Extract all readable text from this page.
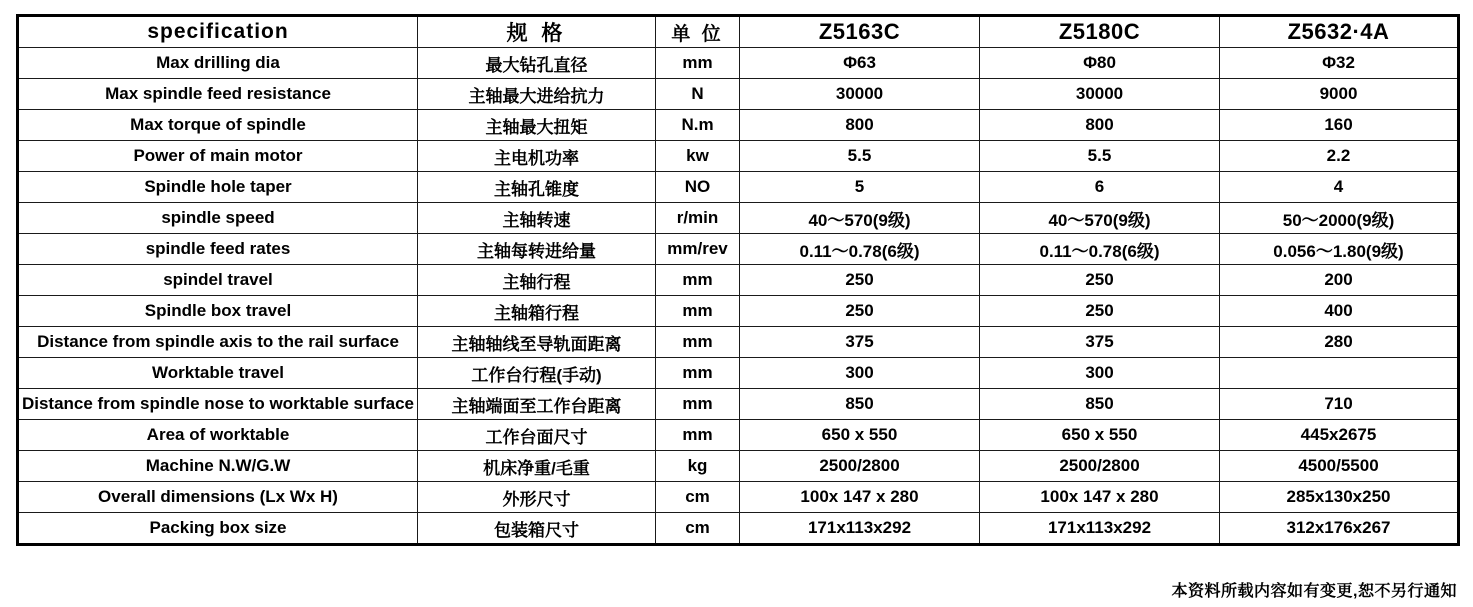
specification	规 格	单 位	Z5163C	Z5180C	Z5632·4A
Max drilling dia	最大钻孔直径	mm	Φ63	Φ80	Φ32
Max spindle feed resistance	主轴最大进给抗力	N	30000	30000	9000
Max torque of spindle	主轴最大扭矩	N.m	800	800	160
Power of main motor	主电机功率	kw	5.5	5.5	2.2
Spindle hole taper	主轴孔锥度	NO	5	6	4
spindle speed	主轴转速	r/min	40～570(9级)	40～570(9级)	50～2000(9级)
spindle feed rates	主轴每转进给量	mm/rev	0.11～0.78(6级)	0.11～0.78(6级)	0.056～1.80(9级)
spindel travel	主轴行程	mm	250	250	200
Spindle box travel	主轴箱行程	mm	250	250	400
Distance from spindle axis to the rail surface	主轴轴线至导轨面距离	mm	375	375	280
Worktable travel	工作台行程(手动)	mm	300	300	
Distance from spindle nose to worktable surface	主轴端面至工作台距离	mm	850	850	710
Area of worktable	工作台面尺寸	mm	650 x 550	650 x 550	445x2675
Machine N.W/G.W	机床净重/毛重	kg	2500/2800	2500/2800	4500/5500
Overall dimensions (Lx Wx H)	外形尺寸	cm	100x 147 x 280	100x 147 x 280	285x130x250
Packing box size	包装箱尺寸	cm	171x113x292	171x113x292	312x176x267
本资料所载内容如有变更,恕不另行通知
